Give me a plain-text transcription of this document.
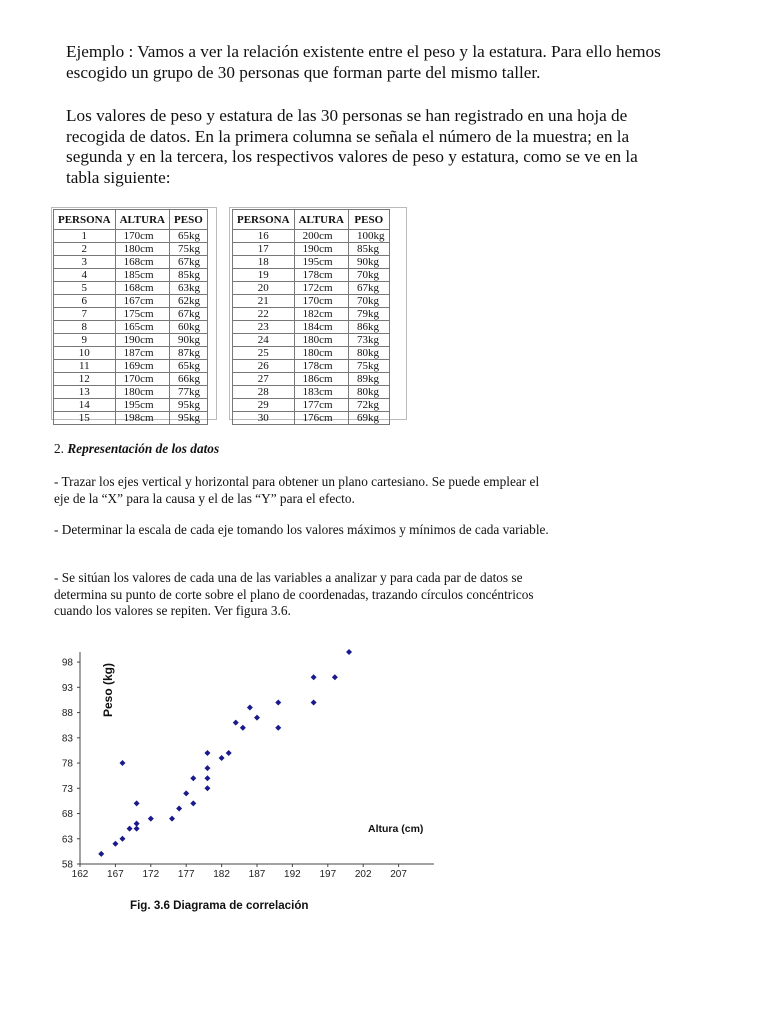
Ejemplo : Vamos a ver la relación existente entre el peso y la estatura. Para ello hemos escogido un grupo de 30 personas que forman parte del mismo taller.

Los valores de peso y estatura de las 30 personas se han registrado en una hoja de recogida de datos. En la primera columna se señala el número de la muestra; en la segunda y en la tercera, los respectivos valores de peso y estatura, como se ve en la tabla siguiente:

PERSONA	ALTURA	PESO
1	170cm	65kg
2	180cm	75kg
3	168cm	67kg
4	185cm	85kg
5	168cm	63kg
6	167cm	62kg
7	175cm	67kg
8	165cm	60kg
9	190cm	90kg
10	187cm	87kg
11	169cm	65kg
12	170cm	66kg
13	180cm	77kg
14	195cm	95kg
15	198cm	95kg
PERSONA	ALTURA	PESO
16	200cm	100kg
17	190cm	85kg
18	195cm	90kg
19	178cm	70kg
20	172cm	67kg
21	170cm	70kg
22	182cm	79kg
23	184cm	86kg
24	180cm	73kg
25	180cm	80kg
26	178cm	75kg
27	186cm	89kg
28	183cm	80kg
29	177cm	72kg
30	176cm	69kg

2. Representación de los datos

- Trazar los ejes vertical y horizontal para obtener un plano cartesiano. Se puede emplear el eje de la “X” para la causa y el de las “Y” para el efecto.

- Determinar la escala de cada eje tomando los valores máximos y mínimos de cada variable.

- Se sitúan los valores de cada una de las variables a analizar y para cada par de datos se determina su punto de corte sobre el plano de coordenadas, trazando círculos concéntricos cuando los valores se repiten. Ver figura 3.6.

58
63
68
73
78
83
88
93
98
162 167 172 177 182 187 192 197 202 207
Peso (kg)
Altura (cm)
Fig. 3.6 Diagrama de correlación
